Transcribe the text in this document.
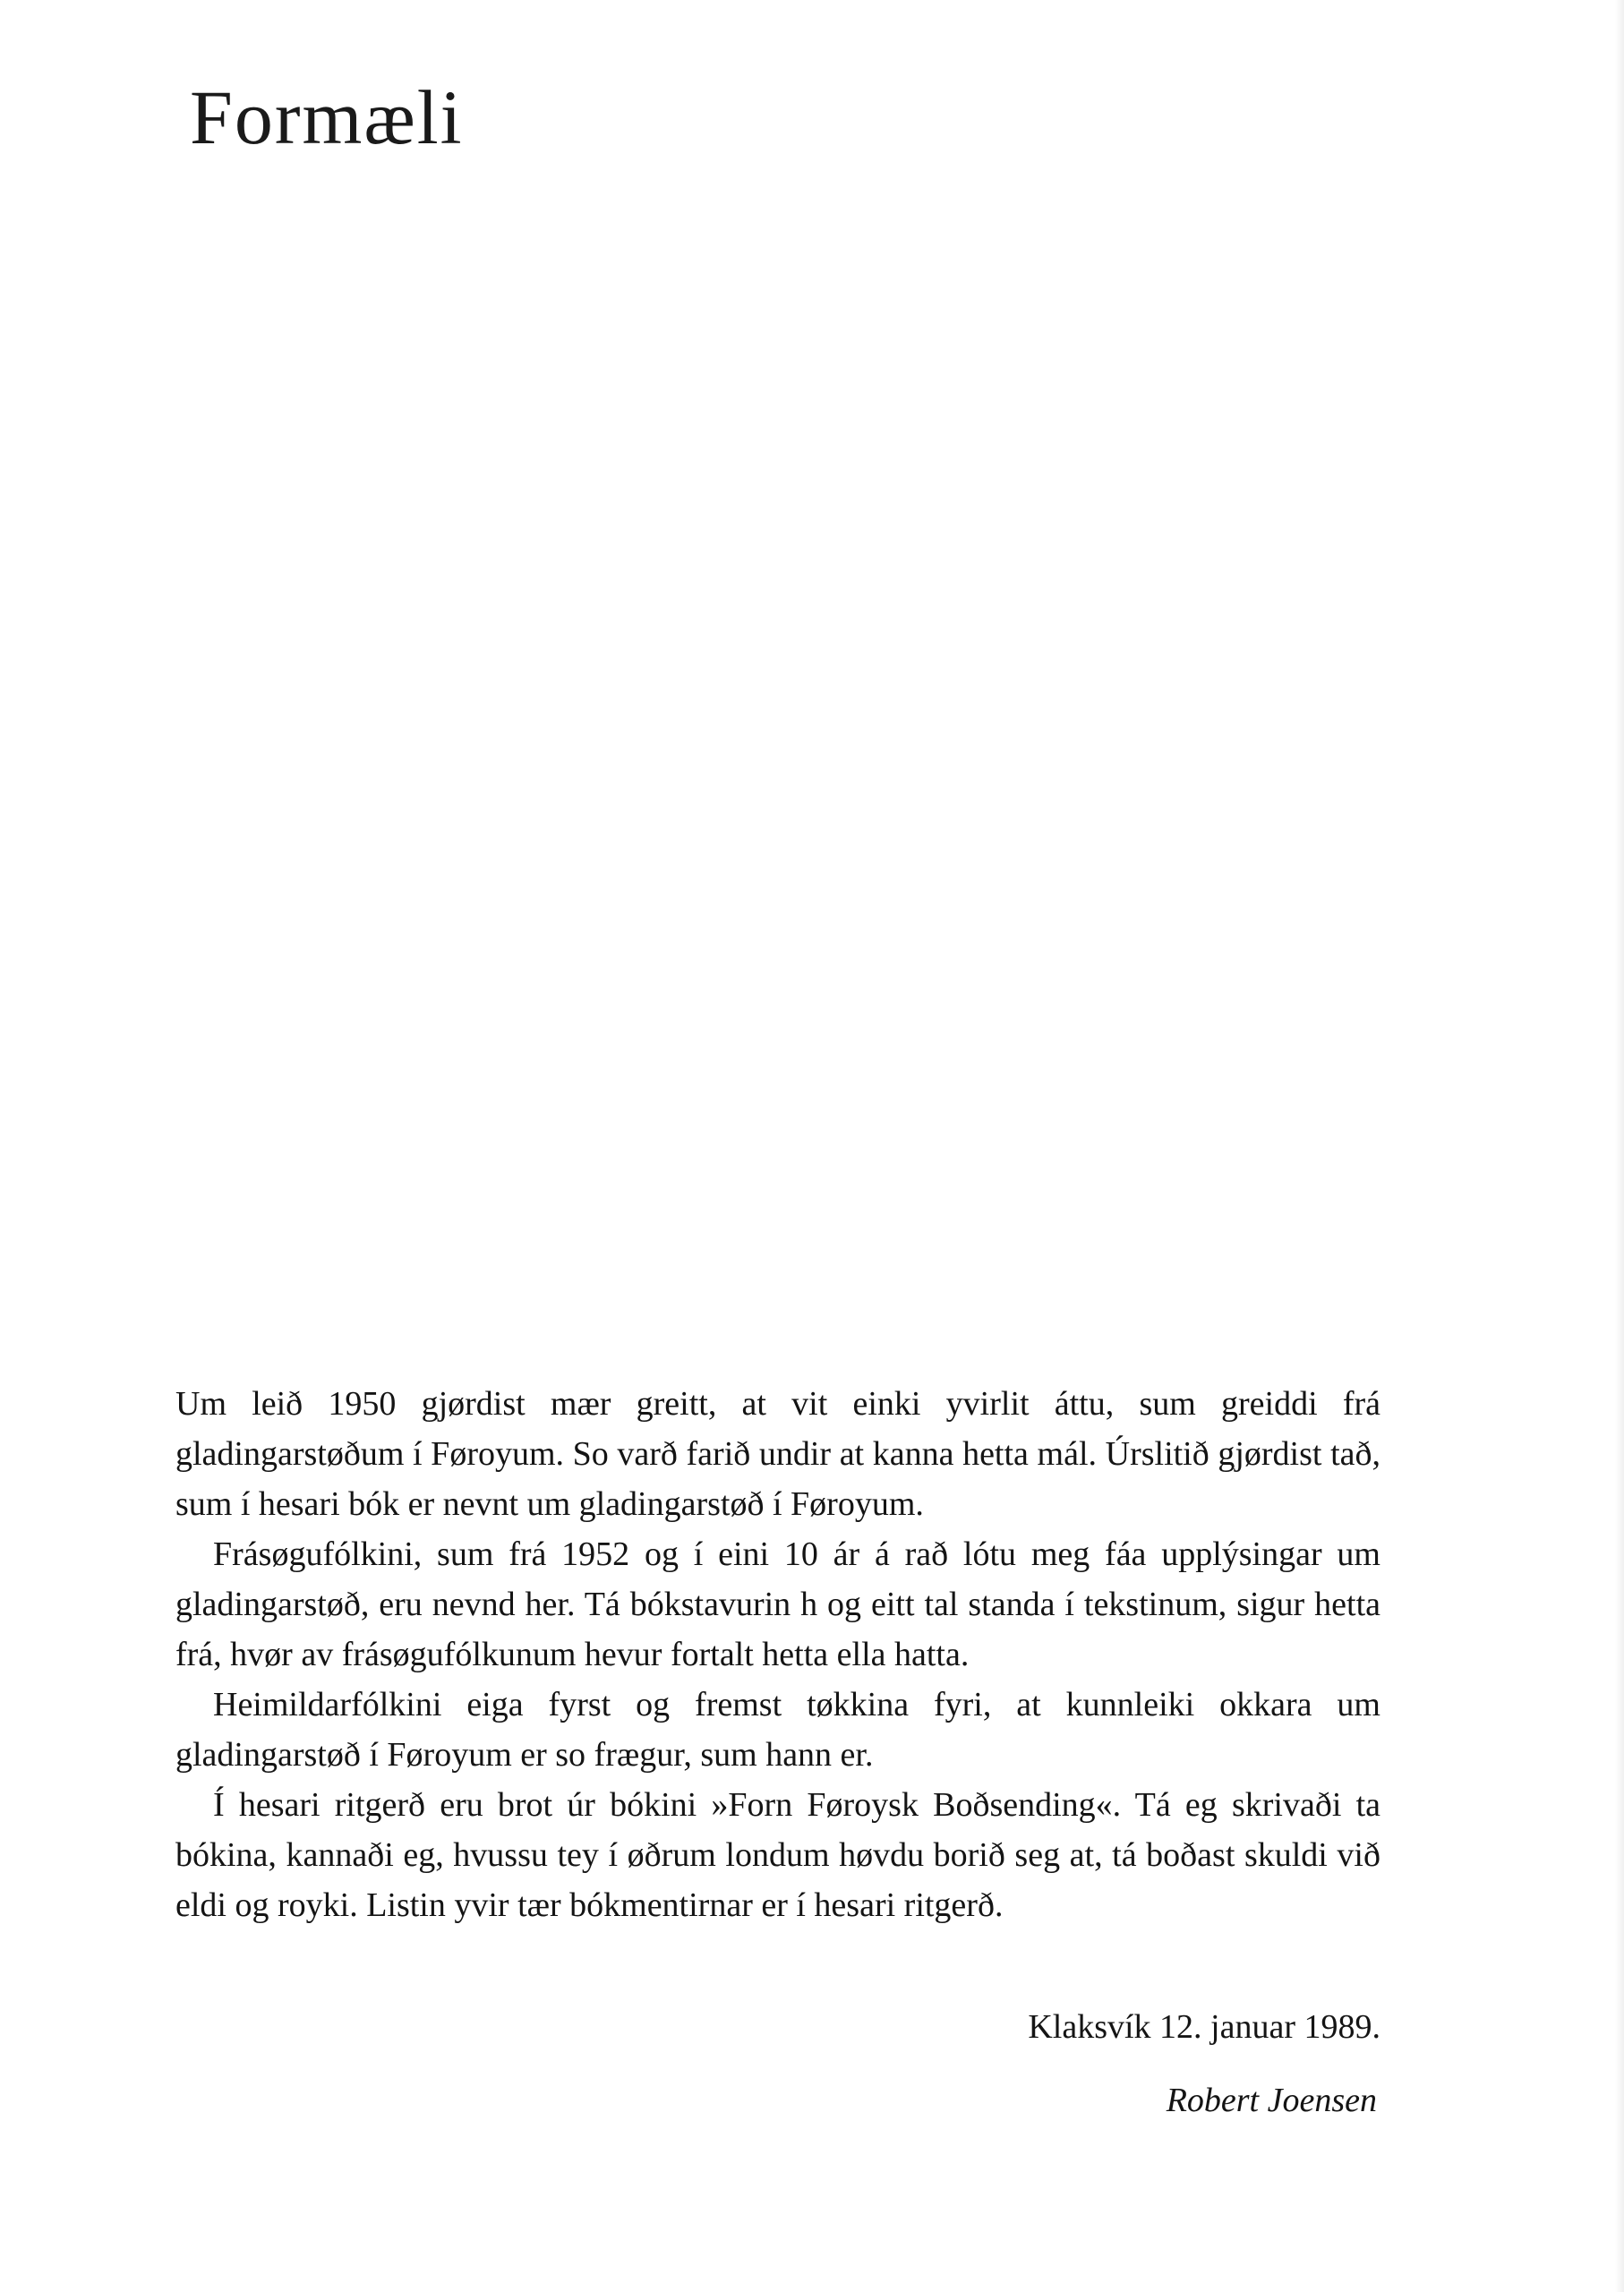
Formæli

Um leið 1950 gjørdist mær greitt, at vit einki yvirlit áttu, sum greiddi frá gladingarstøðum í Føroyum. So varð farið undir at kanna hetta mál. Úrslitið gjørdist tað, sum í hesari bók er nevnt um gladingarstøð í Føroyum.

Frásøgufólkini, sum frá 1952 og í eini 10 ár á rað lótu meg fáa upplýsingar um gladingarstøð, eru nevnd her. Tá bókstavurin h og eitt tal standa í tekstinum, sigur hetta frá, hvør av frásøgufólkunum hevur fortalt hetta ella hatta.

Heimildarfólkini eiga fyrst og fremst tøkkina fyri, at kunnleiki okkara um gladingarstøð í Føroyum er so frægur, sum hann er.

Í hesari ritgerð eru brot úr bókini »Forn Føroysk Boðsending«. Tá eg skrivaði ta bókina, kannaði eg, hvussu tey í øðrum londum høvdu borið seg at, tá boðast skuldi við eldi og royki. Listin yvir tær bókmentirnar er í hesari ritgerð.

Klaksvík 12. januar 1989.

Robert Joensen
